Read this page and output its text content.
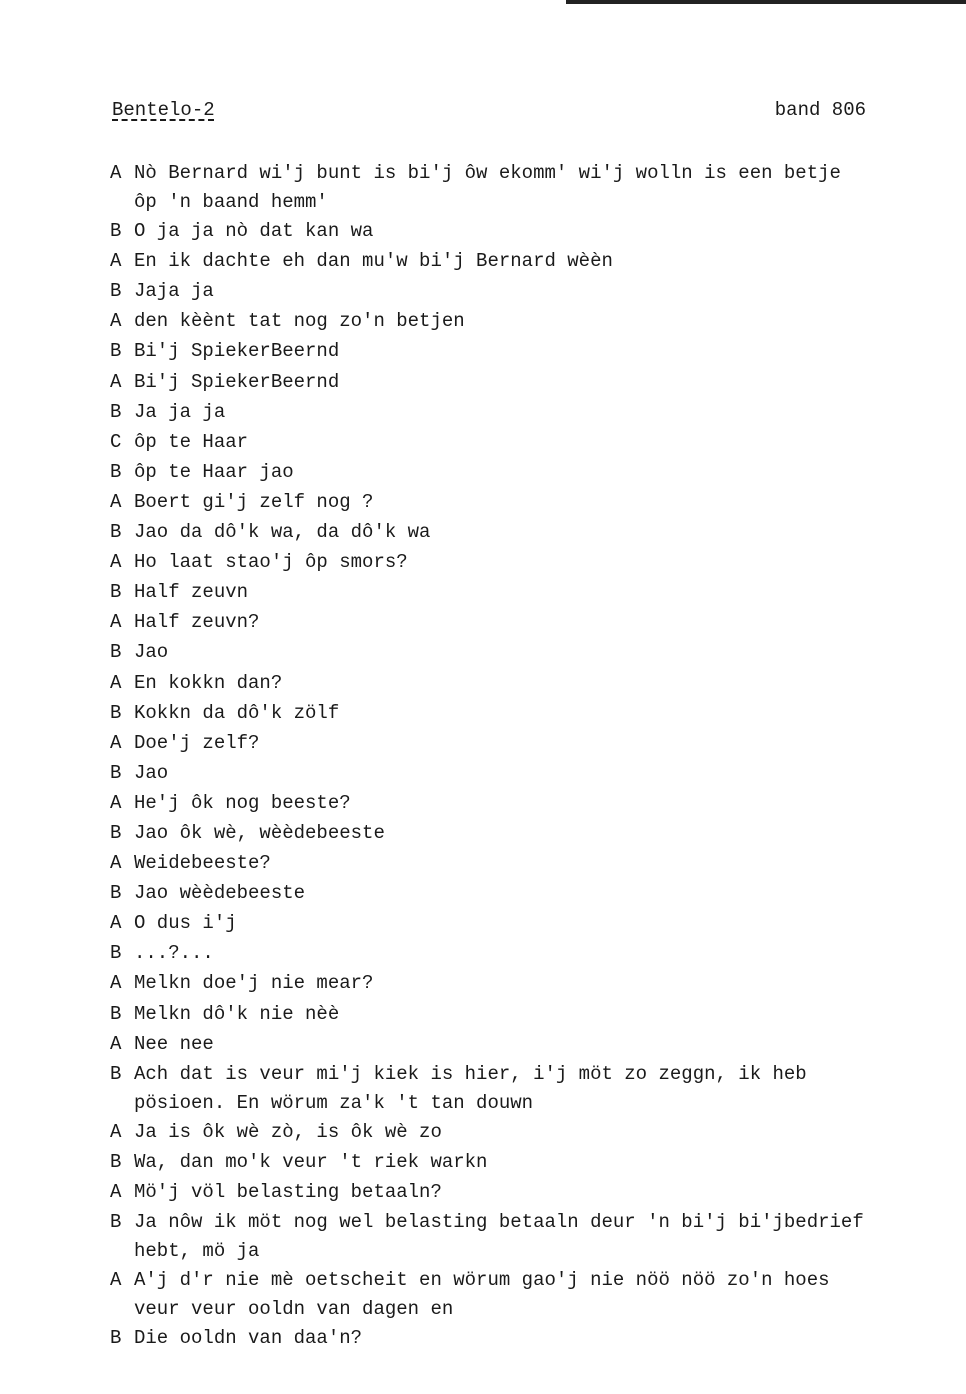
Bentelo-2	band 806
A Nò Bernard wi'j bunt is bi'j ôw ekomm' wi'j wolln is een betje
ôp 'n baand hemm'
B O ja ja nò dat kan wa
A En ik dachte eh dan mu'w bi'j Bernard wèèn
B Jaja ja
A den kèènt tat nog zo'n betjen
B Bi'j SpiekerBeernd
A Bi'j SpiekerBeernd
B Ja ja ja
C ôp te Haar
B ôp te Haar jao
A Boert gi'j zelf nog ?
B Jao da dô'k wa, da dô'k wa
A Ho laat stao'j ôp smors?
B Half zeuvn
A Half zeuvn?
B Jao
A En kokkn dan?
B Kokkn da dô'k zölf
A Doe'j zelf?
B Jao
A He'j ôk nog beeste?
B Jao ôk wè, wèèdebeeste
A Weidebeeste?
B Jao wèèdebeeste
A O dus i'j
B ...?...
A Melkn doe'j nie mear?
B Melkn dô'k nie nèè
A Nee nee
B Ach dat is veur mi'j kiek is hier, i'j möt zo zeggn, ik heb
pösioen. En wörum za'k 't tan douwn
A Ja is ôk wè zò, is ôk wè zo
B Wa, dan mo'k veur 't riek warkn
A Mö'j völ belasting betaaln?
B Ja nôw ik möt nog wel belasting betaaln deur 'n bi'j bi'jbedrief
hebt, mö ja
A A'j d'r nie mè oetscheit en wörum gao'j nie nöö nöö zo'n hoes
veur veur ooldn van dagen en
B Die ooldn van daa'n?
